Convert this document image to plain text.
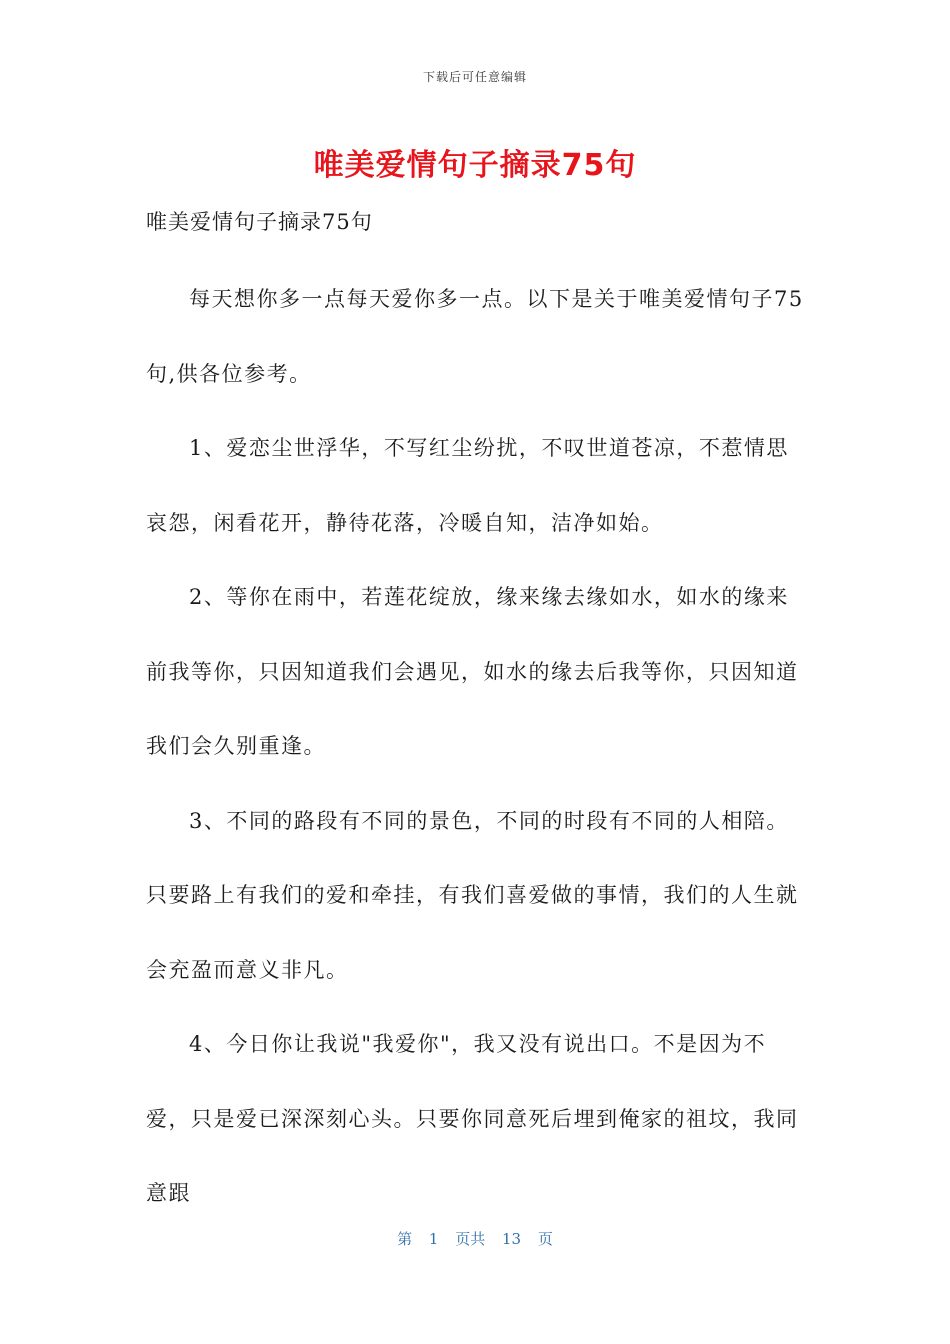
下载后可任意编辑
唯美爱情句子摘录75句

唯美爱情句子摘录75句

每天想你多一点每天爱你多一点。以下是关于唯美爱情句子75句,供各位参考。

1、爱恋尘世浮华，不写红尘纷扰，不叹世道苍凉，不惹情思哀怨，闲看花开，静待花落，冷暖自知，洁净如始。

2、等你在雨中，若莲花绽放，缘来缘去缘如水，如水的缘来前我等你，只因知道我们会遇见，如水的缘去后我等你，只因知道我们会久别重逢。

3、不同的路段有不同的景色，不同的时段有不同的人相陪。只要路上有我们的爱和牵挂，有我们喜爱做的事情，我们的人生就会充盈而意义非凡。

4、今日你让我说"我爱你"，我又没有说出口。不是因为不爱，只是爱已深深刻心头。只要你同意死后埋到俺家的祖坟，我同意跟

第 1 页共 13 页
